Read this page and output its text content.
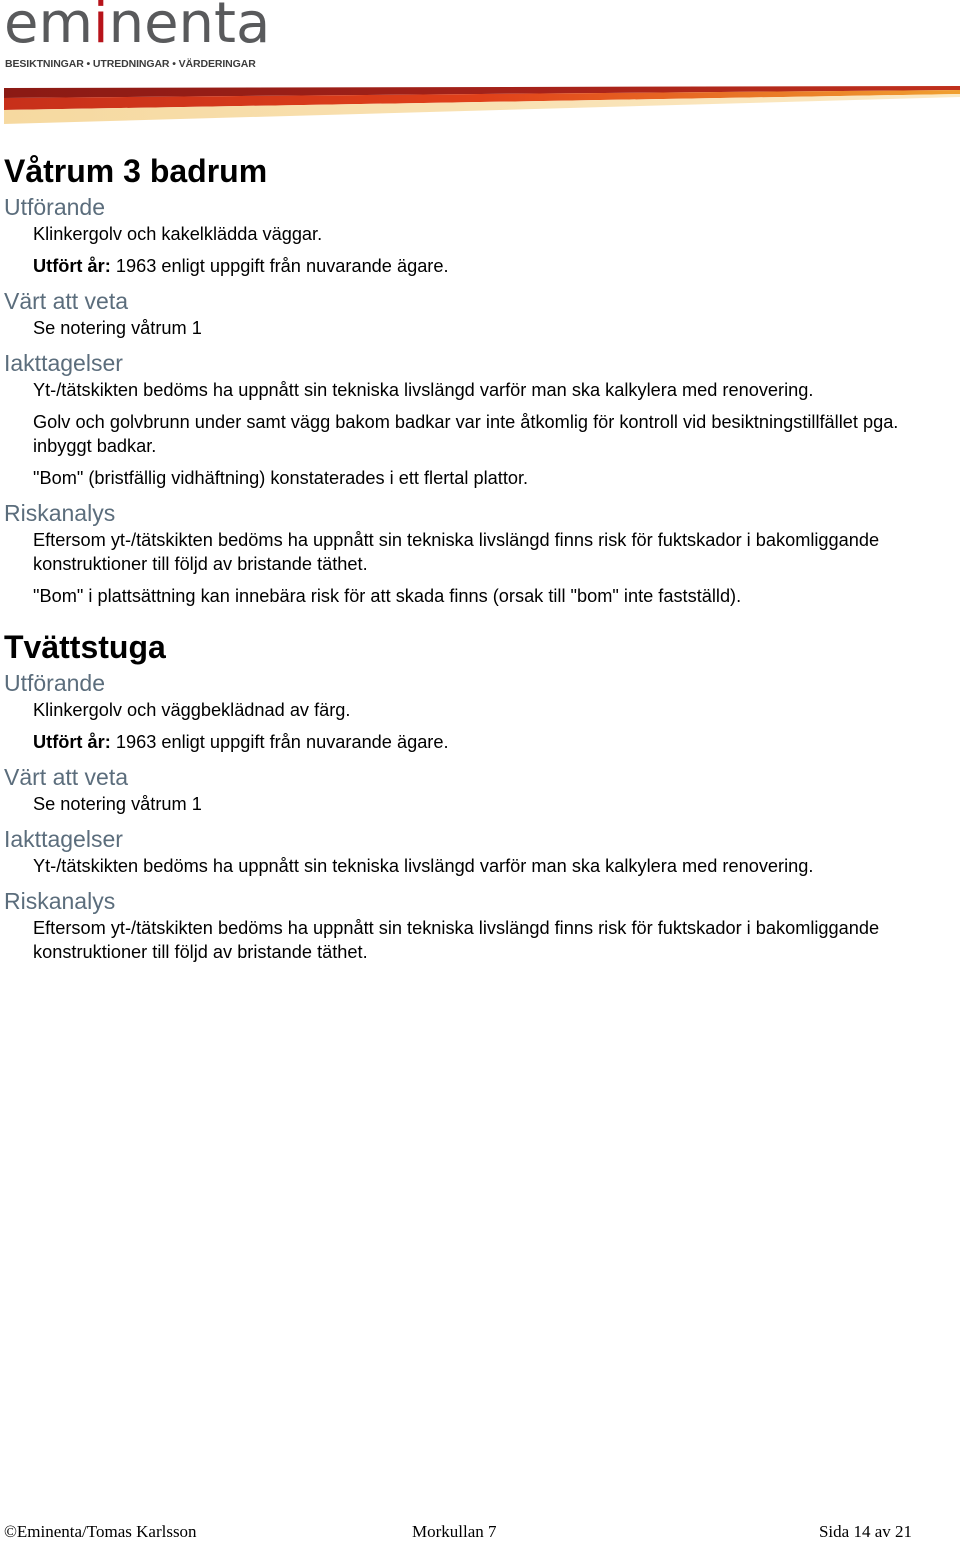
eminenta
BESIKTNINGAR • UTREDNINGAR • VÄRDERINGAR
Våtrum 3 badrum
Utförande

Klinkergolv och kakelklädda väggar.

Utfört år: 1963 enligt uppgift från nuvarande ägare.

Värt att veta

Se notering våtrum 1

Iakttagelser

Yt-/tätskikten bedöms ha uppnått sin tekniska livslängd varför man ska kalkylera med renovering.

Golv och golvbrunn under samt vägg bakom badkar var inte åtkomlig för kontroll vid besiktningstillfället pga. inbyggt badkar.

"Bom" (bristfällig vidhäftning) konstaterades i ett flertal plattor.

Riskanalys

Eftersom yt-/tätskikten bedöms ha uppnått sin tekniska livslängd finns risk för fuktskador i bakomliggande konstruktioner till följd av bristande täthet.

"Bom" i plattsättning kan innebära risk för att skada finns (orsak till "bom" inte fastställd).

Tvättstuga
Utförande

Klinkergolv och väggbeklädnad av färg.

Utfört år: 1963 enligt uppgift från nuvarande ägare.

Värt att veta

Se notering våtrum 1

Iakttagelser

Yt-/tätskikten bedöms ha uppnått sin tekniska livslängd varför man ska kalkylera med renovering.

Riskanalys

Eftersom yt-/tätskikten bedöms ha uppnått sin tekniska livslängd finns risk för fuktskador i bakomliggande konstruktioner till följd av bristande täthet.

©Eminenta/Tomas Karlsson	Morkullan 7	Sida 14 av 21
